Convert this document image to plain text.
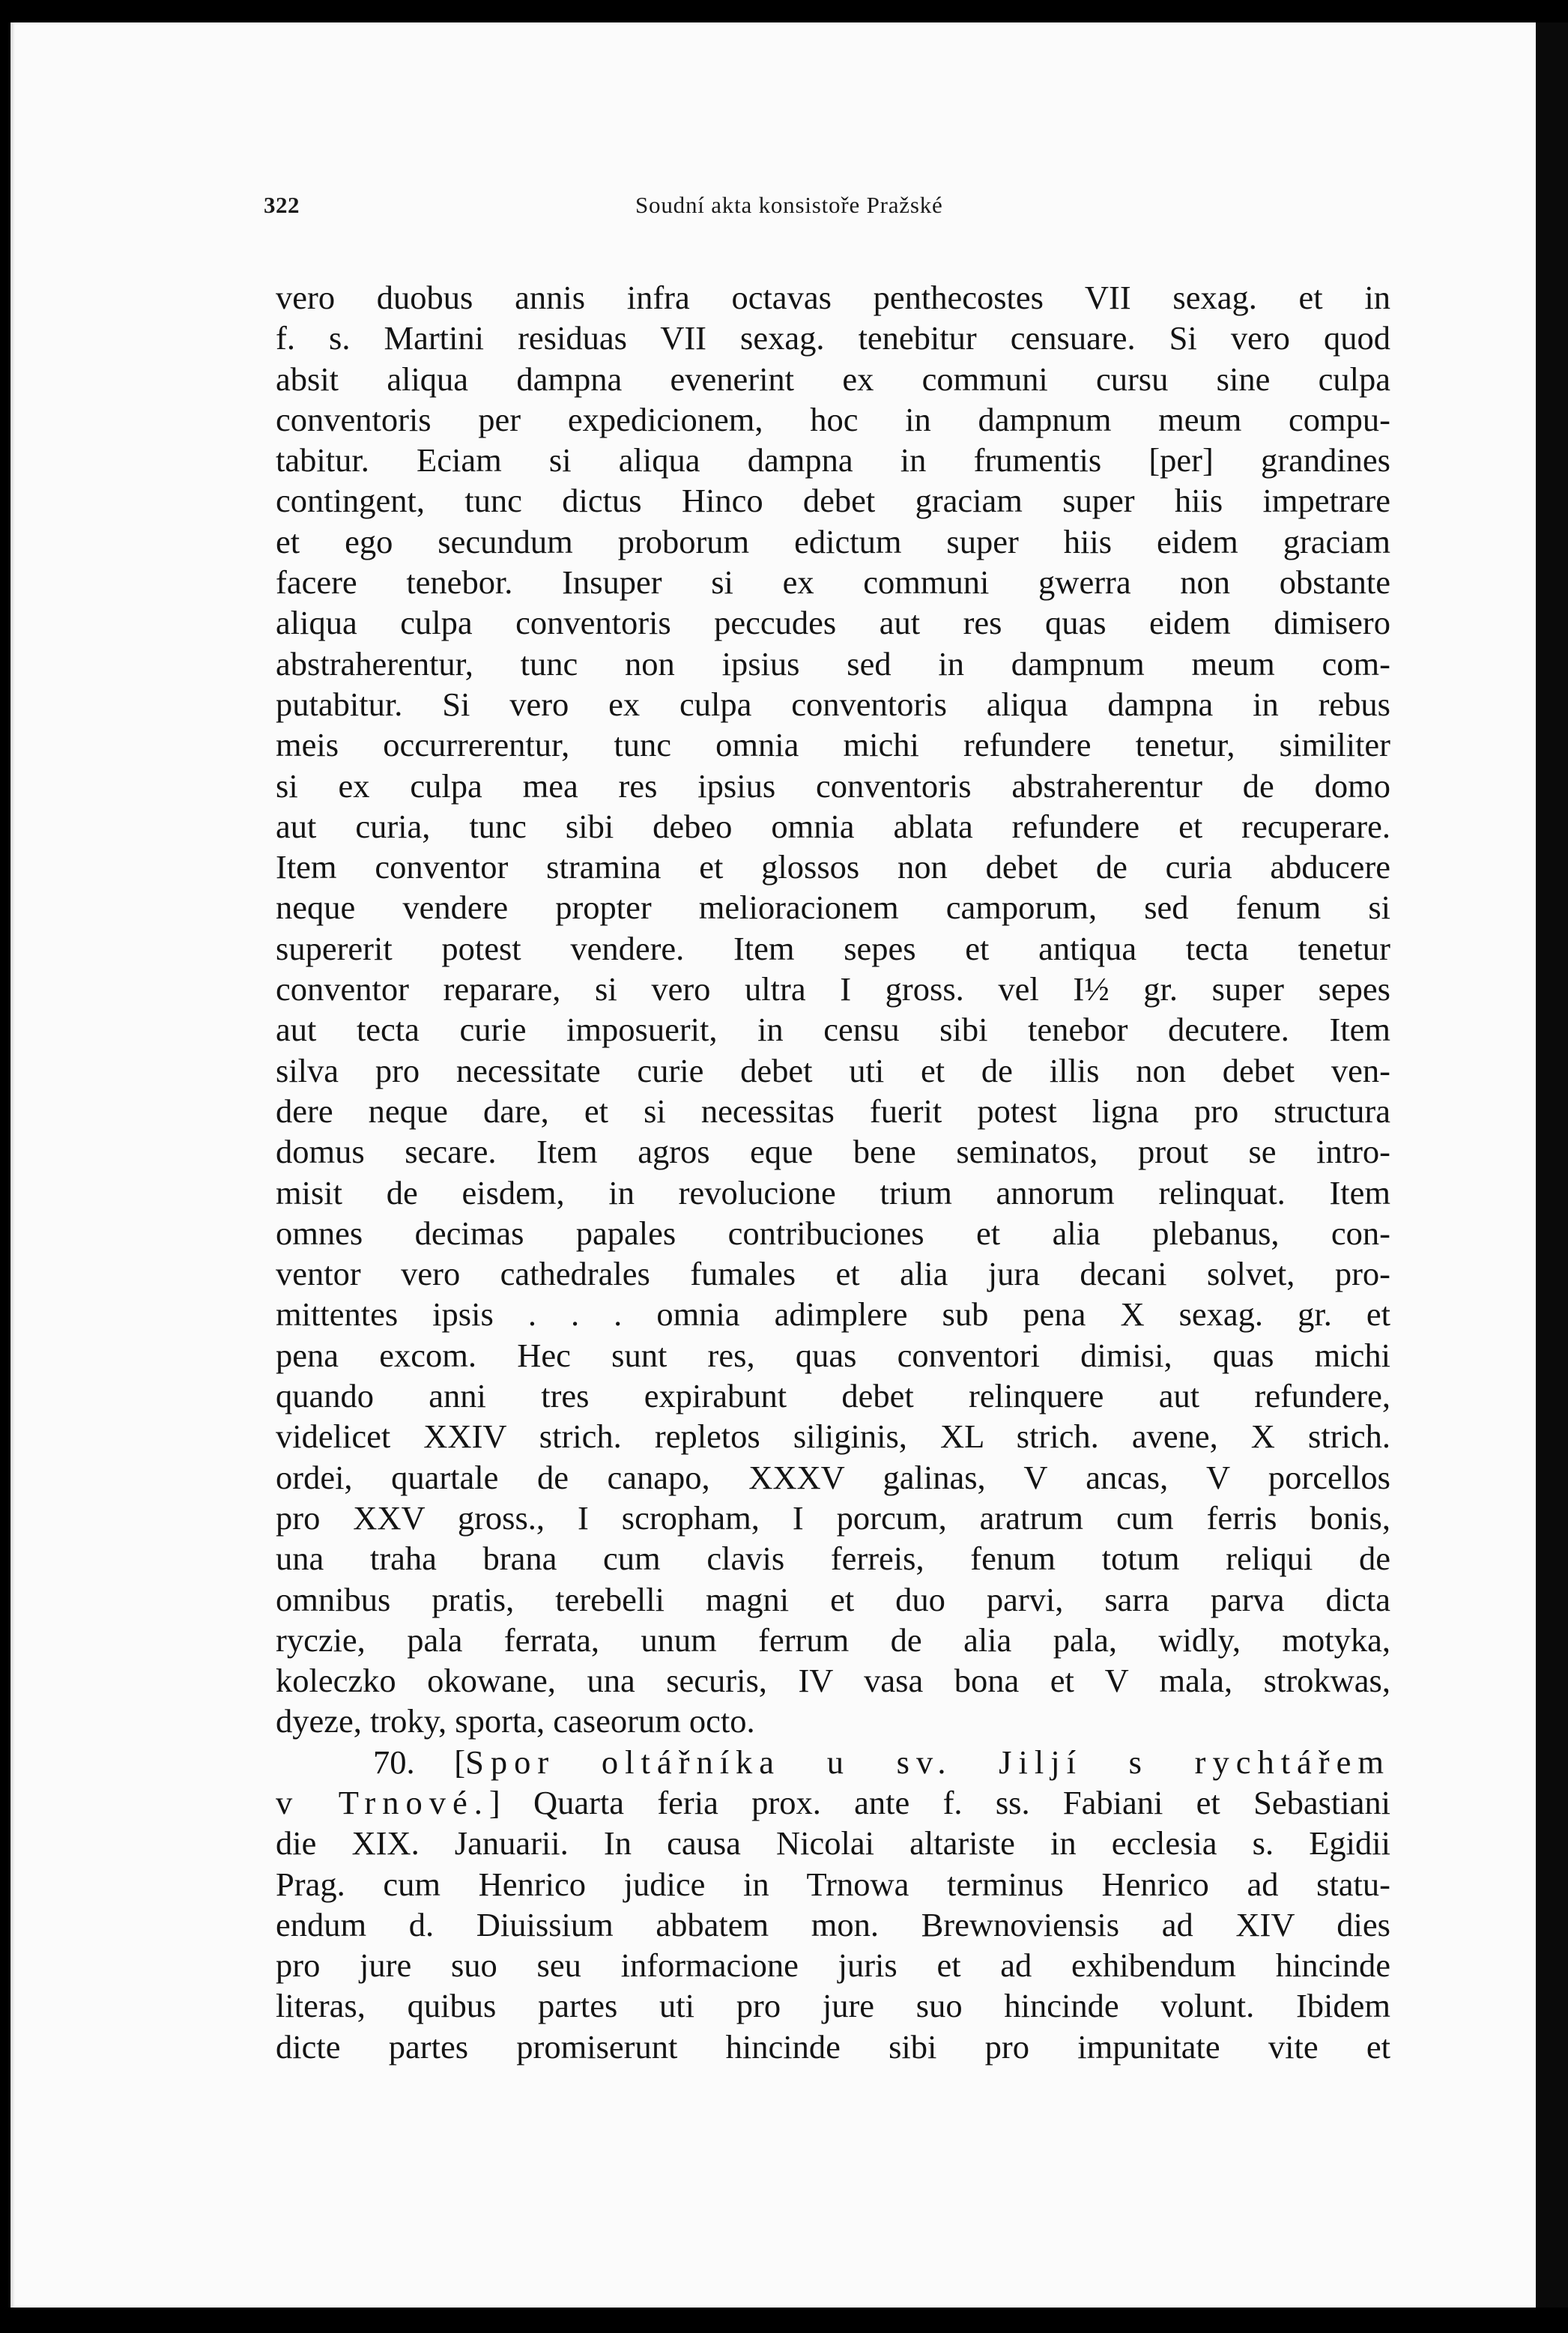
322	Soudní akta konsistoře Pražské
vero duobus annis infra octavas penthecostes VII sexag. et in
f. s. Martini residuas VII sexag. tenebitur censuare. Si vero quod
absit aliqua dampna evenerint ex communi cursu sine culpa
conventoris per expedicionem, hoc in dampnum meum compu-
tabitur. Eciam si aliqua dampna in frumentis [per] grandines
contingent, tunc dictus Hinco debet graciam super hiis impetrare
et ego secundum proborum edictum super hiis eidem graciam
facere tenebor. Insuper si ex communi gwerra non obstante
aliqua culpa conventoris peccudes aut res quas eidem dimisero
abstraherentur, tunc non ipsius sed in dampnum meum com-
putabitur. Si vero ex culpa conventoris aliqua dampna in rebus
meis occurrerentur, tunc omnia michi refundere tenetur, similiter
si ex culpa mea res ipsius conventoris abstraherentur de domo
aut curia, tunc sibi debeo omnia ablata refundere et recuperare.
Item conventor stramina et glossos non debet de curia abducere
neque vendere propter melioracionem camporum, sed fenum si
supererit potest vendere. Item sepes et antiqua tecta tenetur
conventor reparare, si vero ultra I gross. vel I½ gr. super sepes
aut tecta curie imposuerit, in censu sibi tenebor decutere. Item
silva pro necessitate curie debet uti et de illis non debet ven-
dere neque dare, et si necessitas fuerit potest ligna pro structura
domus secare. Item agros eque bene seminatos, prout se intro-
misit de eisdem, in revolucione trium annorum relinquat. Item
omnes decimas papales contribuciones et alia plebanus, con-
ventor vero cathedrales fumales et alia jura decani solvet, pro-
mittentes ipsis . . . omnia adimplere sub pena X sexag. gr. et
pena excom. Hec sunt res, quas conventori dimisi, quas michi
quando anni tres expirabunt debet relinquere aut refundere,
videlicet XXIV strich. repletos siliginis, XL strich. avene, X strich.
ordei, quartale de canapo, XXXV galinas, V ancas, V porcellos
pro XXV gross., I scropham, I porcum, aratrum cum ferris bonis,
una traha brana cum clavis ferreis, fenum totum reliqui de
omnibus pratis, terebelli magni et duo parvi, sarra parva dicta
ryczie, pala ferrata, unum ferrum de alia pala, widly, motyka,
koleczko okowane, una securis, IV vasa bona et V mala, strokwas,
dyeze, troky, sporta, caseorum octo.
70. [Spor oltářníka u sv. Jiljí s rychtářem
v Trnové.] Quarta feria prox. ante f. ss. Fabiani et Sebastiani
die XIX. Januarii. In causa Nicolai altariste in ecclesia s. Egidii
Prag. cum Henrico judice in Trnowa terminus Henrico ad statu-
endum d. Diuissium abbatem mon. Brewnoviensis ad XIV dies
pro jure suo seu informacione juris et ad exhibendum hincinde
literas, quibus partes uti pro jure suo hincinde volunt. Ibidem
dicte partes promiserunt hincinde sibi pro impunitate vite et
